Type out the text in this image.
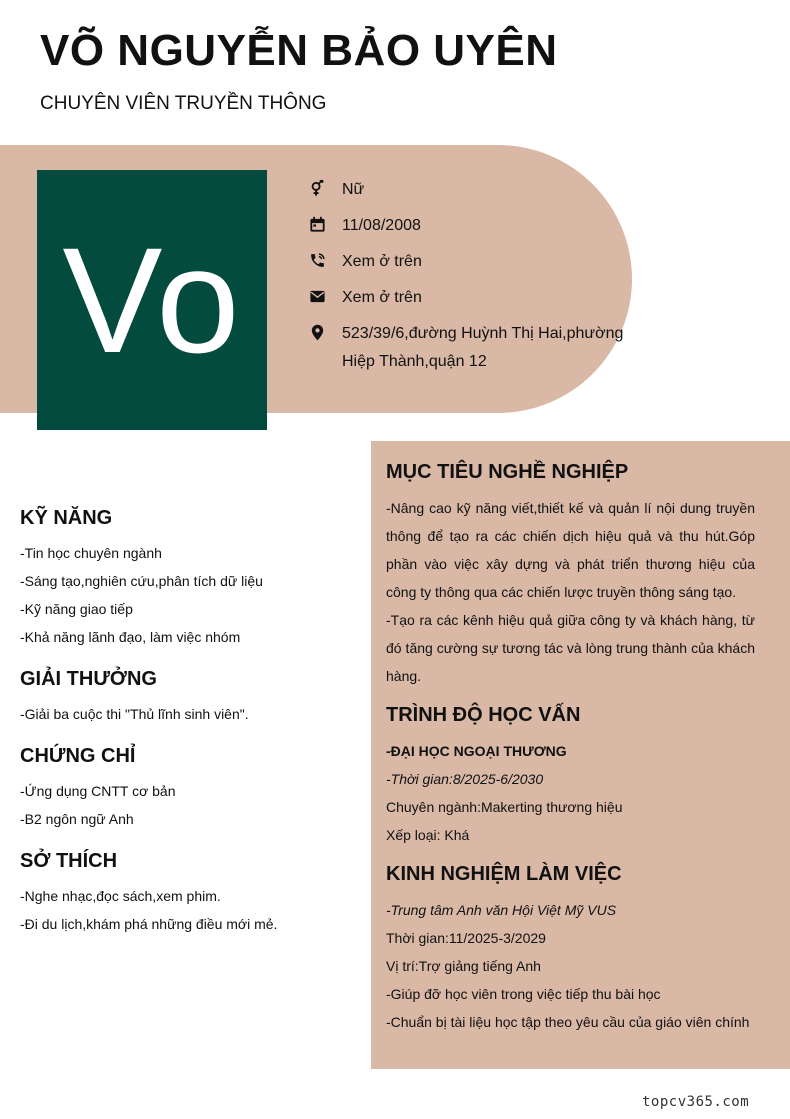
VÕ NGUYỄN BẢO UYÊN
CHUYÊN VIÊN TRUYỀN THÔNG
Vo
Nữ
11/08/2008
Xem ở trên
Xem ở trên
523/39/6,đường Huỳnh Thị Hai,phường Hiệp Thành,quận 12
KỸ NĂNG
-Tin học chuyên ngành
-Sáng tạo,nghiên cứu,phân tích dữ liệu
-Kỹ năng giao tiếp
-Khả năng lãnh đạo, làm việc nhóm
GIẢI THƯỞNG
-Giải ba cuộc thi "Thủ lĩnh sinh viên".
CHỨNG CHỈ
-Ứng dụng CNTT cơ bản
-B2 ngôn ngữ Anh
SỞ THÍCH
-Nghe nhạc,đọc sách,xem phim.
-Đi du lịch,khám phá những điều mới mẻ.
MỤC TIÊU NGHỀ NGHIỆP
-Nâng cao kỹ năng viết,thiết kế và quản lí nội dung truyền thông để tạo ra các chiến dịch hiệu quả và thu hút.Góp phần vào việc xây dựng và phát triển thương hiệu của công ty thông qua các chiến lược truyền thông sáng tạo.
-Tạo ra các kênh hiệu quả giữa công ty và khách hàng, từ đó tăng cường sự tương tác và lòng trung thành của khách hàng.
TRÌNH ĐỘ HỌC VẤN
-ĐẠI HỌC NGOẠI THƯƠNG
-Thời gian:8/2025-6/2030
Chuyên ngành:Makerting thương hiệu
Xếp loại: Khá
KINH NGHIỆM LÀM VIỆC
-Trung tâm Anh văn Hội Việt Mỹ VUS
Thời gian:11/2025-3/2029
Vị trí:Trợ giảng tiếng Anh
-Giúp đỡ học viên trong việc tiếp thu bài học
-Chuẩn bị tài liệu học tập theo yêu cầu của giáo viên chính
topcv365.com
